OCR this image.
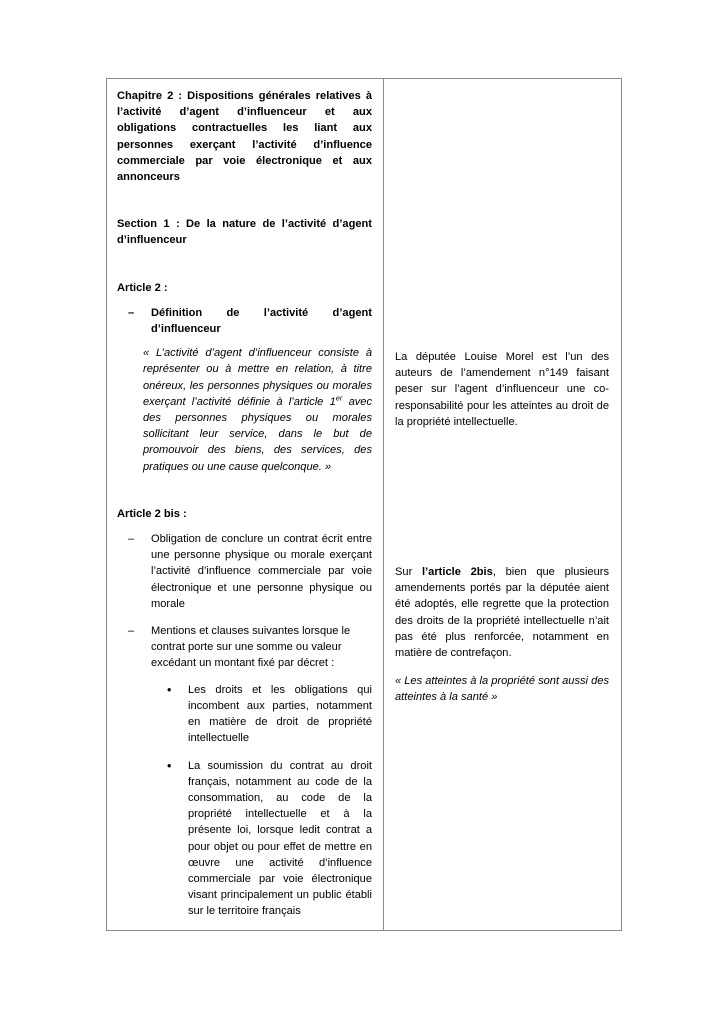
Chapitre 2 : Dispositions générales relatives à l’activité d’agent d’influenceur et aux obligations contractuelles les liant aux personnes exerçant l’activité d’influence commerciale par voie électronique et aux annonceurs

Section 1 : De la nature de l’activité d’agent d’influenceur

Article 2 :

– Définition de l’activité d’agent d’influenceur
« L’activité d’agent d’influenceur consiste à représenter ou à mettre en relation, à titre onéreux, les personnes physiques ou morales exerçant l’activité définie à l’article 1er avec des personnes physiques ou morales sollicitant leur service, dans le but de promouvoir des biens, des services, des pratiques ou une cause quelconque. »

Article 2 bis :

– Obligation de conclure un contrat écrit entre une personne physique ou morale exerçant l’activité d’influence commerciale par voie électronique et une personne physique ou morale
– Mentions et clauses suivantes lorsque le contrat porte sur une somme ou valeur excédant un montant fixé par décret :
• Les droits et les obligations qui incombent aux parties, notamment en matière de droit de propriété intellectuelle
• La soumission du contrat au droit français, notamment au code de la consommation, au code de la propriété intellectuelle et à la présente loi, lorsque ledit contrat a pour objet ou pour effet de mettre en œuvre une activité d’influence commerciale par voie électronique visant principalement un public établi sur le territoire français

La députée Louise Morel est l’un des auteurs de l’amendement n°149 faisant peser sur l’agent d’influenceur une co-responsabilité pour les atteintes au droit de la propriété intellectuelle.

Sur l’article 2bis, bien que plusieurs amendements portés par la députée aient été adoptés, elle regrette que la protection des droits de la propriété intellectuelle n’ait pas été plus renforcée, notamment en matière de contrefaçon.

« Les atteintes à la propriété sont aussi des atteintes à la santé »
